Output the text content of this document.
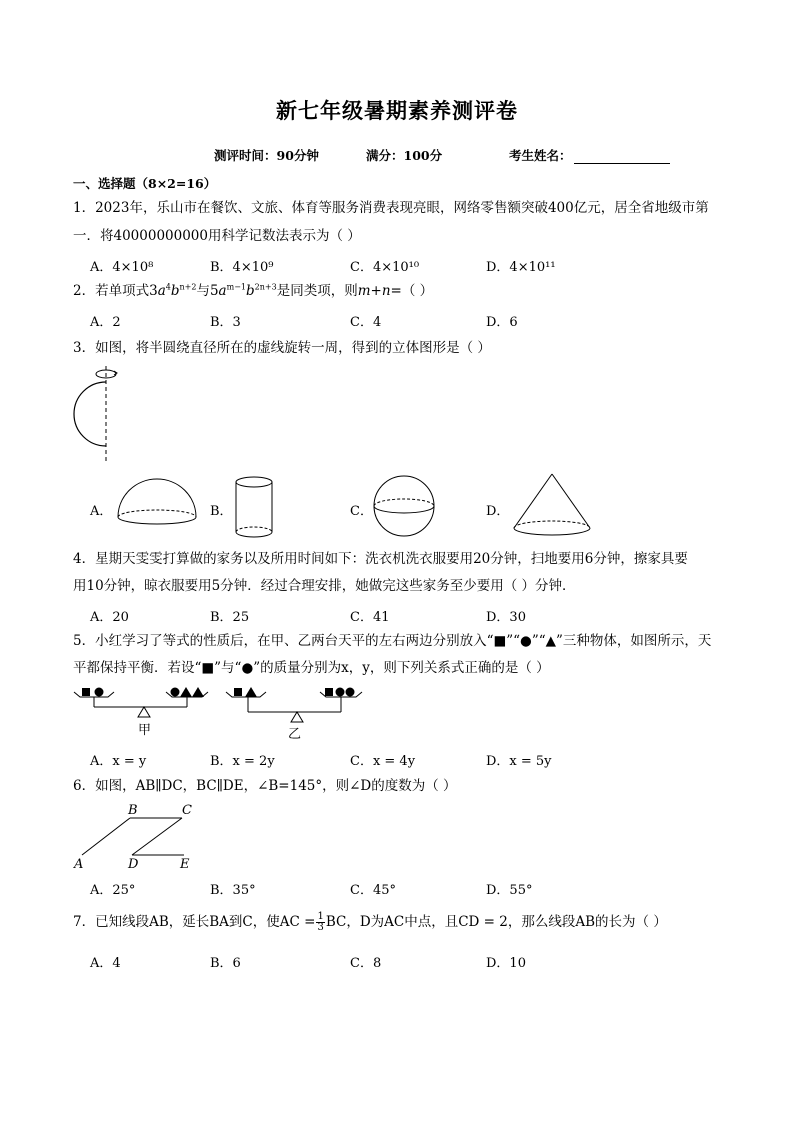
新七年级暑期素养测评卷
测评时间：90分钟	满分：100分	考生姓名：
一、选择题（8×2=16）
1．2023年，乐山市在餐饮、文旅、体育等服务消费表现亮眼，网络零售额突破400亿元，居全省地级市第
一．将40000000000用科学记数法表示为（ ）
A．4×10⁸	B．4×10⁹	C．4×10¹⁰	D．4×10¹¹
2．若单项式$3a^4b^{n+2}$与$5a^{m-1}b^{2n+3}$是同类项，则m+n=（ ）
A．2	B．3	C．4	D．6
3．如图，将半圆绕直径所在的虚线旋转一周，得到的立体图形是（ ）
A．	B．	C．	D．
4．星期天雯雯打算做的家务以及所用时间如下：洗衣机洗衣服要用20分钟，扫地要用6分钟，擦家具要
用10分钟，晾衣服要用5分钟．经过合理安排，她做完这些家务至少要用（ ）分钟．
A．20	B．25	C．41	D．30
5．小红学习了等式的性质后，在甲、乙两台天平的左右两边分别放入“■”“●”“▲”三种物体，如图所示，天
平都保持平衡．若设“■”与“●”的质量分别为x，y，则下列关系式正确的是（ ）
甲	乙
A．x = y	B．x = 2y	C．x = 4y	D．x = 5y
6．如图，AB∥DC，BC∥DE，∠B=145°，则∠D的度数为（ ）
B	C
A	D	E
A．25°	B．35°	C．45°	D．55°
7．已知线段AB，延长BA到C，使AC = $\frac{1}{3}$ BC，D为AC中点，且CD = 2，那么线段AB的长为（ ）
A．4	B．6	C．8	D．10
